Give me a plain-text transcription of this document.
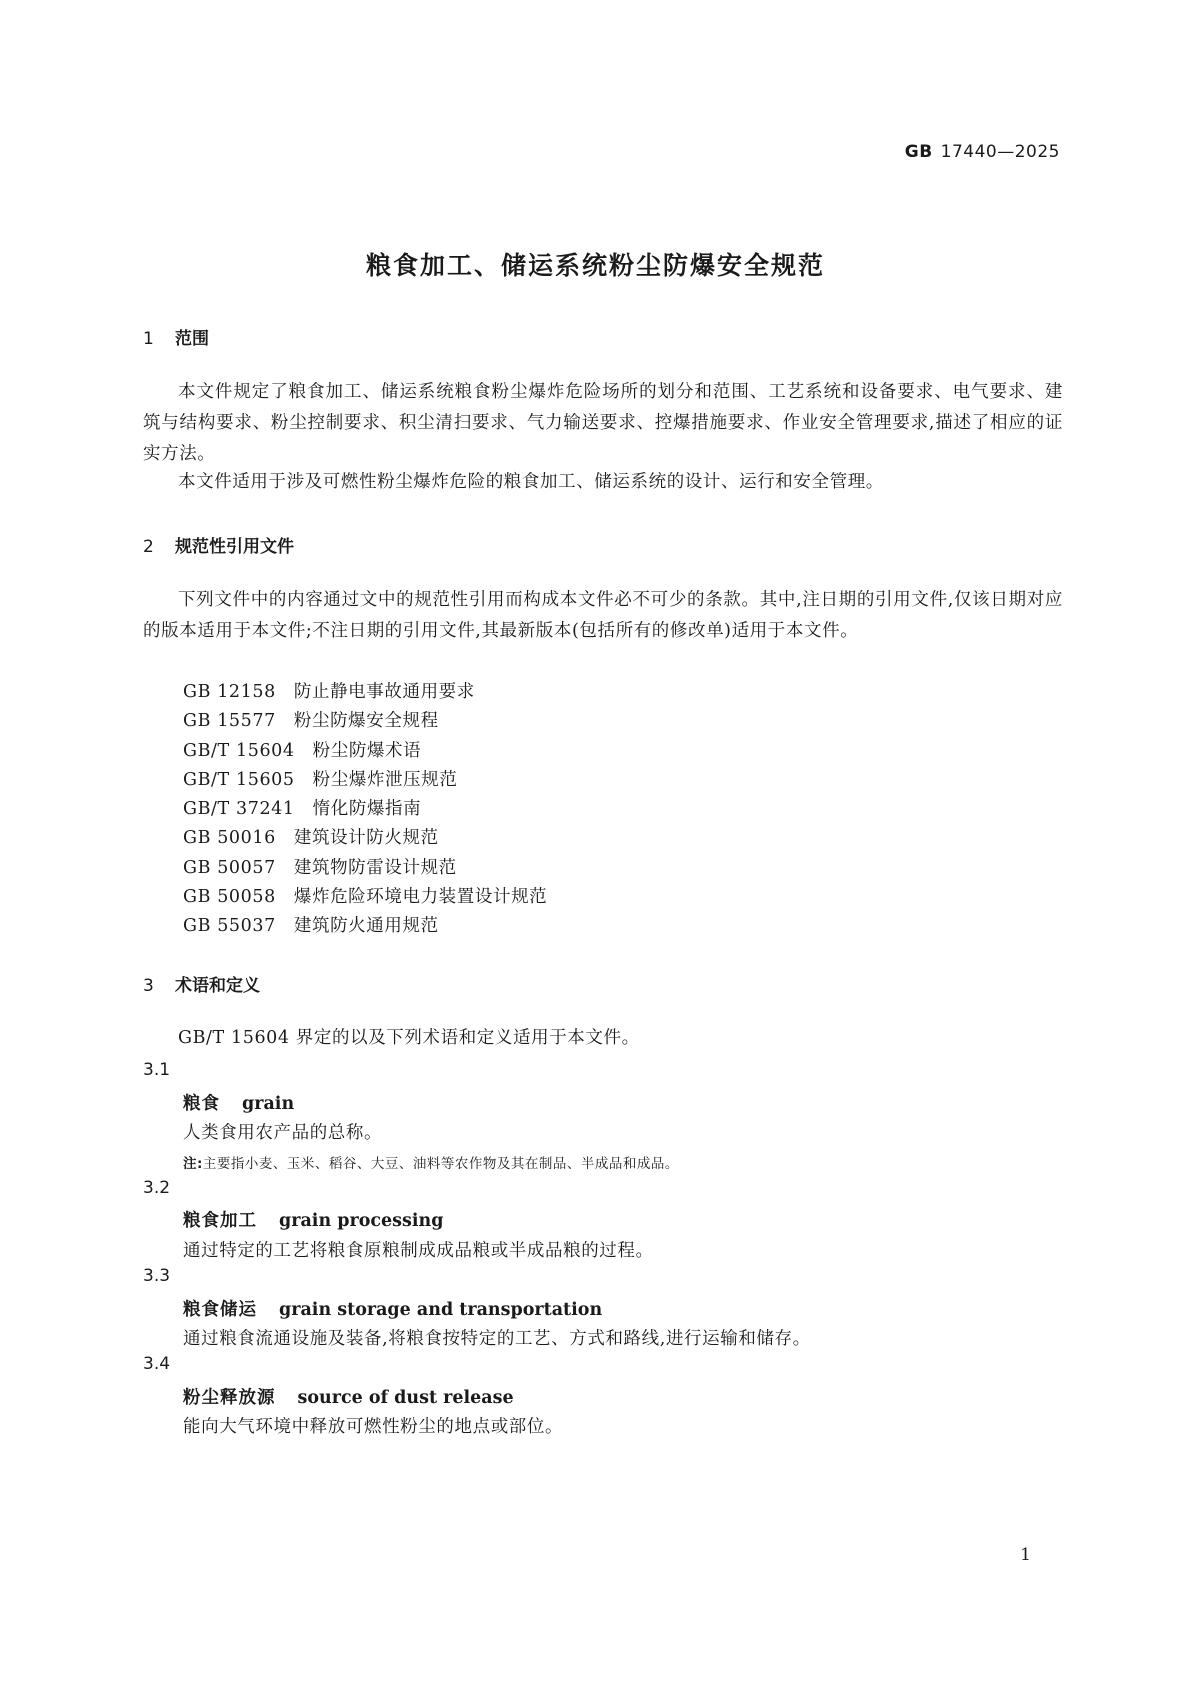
GB 17440—2025
粮食加工、储运系统粉尘防爆安全规范
1 范围
本文件规定了粮食加工、储运系统粮食粉尘爆炸危险场所的划分和范围、工艺系统和设备要求、电气要求、建筑与结构要求、粉尘控制要求、积尘清扫要求、气力输送要求、控爆措施要求、作业安全管理要求,描述了相应的证实方法。
本文件适用于涉及可燃性粉尘爆炸危险的粮食加工、储运系统的设计、运行和安全管理。
2 规范性引用文件
下列文件中的内容通过文中的规范性引用而构成本文件必不可少的条款。其中,注日期的引用文件,仅该日期对应的版本适用于本文件;不注日期的引用文件,其最新版本(包括所有的修改单)适用于本文件。
GB 12158 防止静电事故通用要求
GB 15577 粉尘防爆安全规程
GB/T 15604 粉尘防爆术语
GB/T 15605 粉尘爆炸泄压规范
GB/T 37241 惰化防爆指南
GB 50016 建筑设计防火规范
GB 50057 建筑物防雷设计规范
GB 50058 爆炸危险环境电力装置设计规范
GB 55037 建筑防火通用规范
3 术语和定义
GB/T 15604 界定的以及下列术语和定义适用于本文件。
3.1
粮食 grain
人类食用农产品的总称。
注:主要指小麦、玉米、稻谷、大豆、油料等农作物及其在制品、半成品和成品。
3.2
粮食加工 grain processing
通过特定的工艺将粮食原粮制成成品粮或半成品粮的过程。
3.3
粮食储运 grain storage and transportation
通过粮食流通设施及装备,将粮食按特定的工艺、方式和路线,进行运输和储存。
3.4
粉尘释放源 source of dust release
能向大气环境中释放可燃性粉尘的地点或部位。
1
